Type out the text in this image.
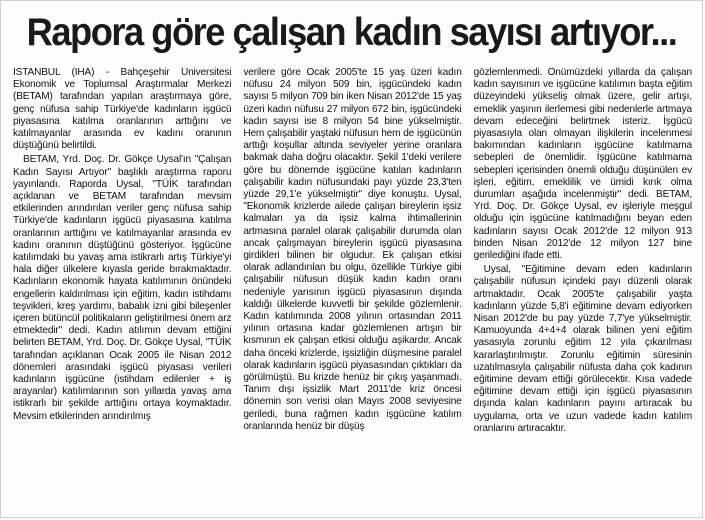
Rapora göre çalışan kadın sayısı artıyor...

İSTANBUL (İHA) - Bahçeşehir Üniversitesi Ekonomik ve Toplumsal Araştırmalar Merkezi (BETAM) tarafından yapılan araştırmaya göre, genç nüfusa sahip Türkiye'de kadınların işgücü piyasasına katılma oranlarının arttığını ve katılmayanlar arasında ev kadını oranının düştüğünü belirtildi.

BETAM, Yrd. Doç. Dr. Gökçe Uysal'ın "Çalışan Kadın Sayısı Artıyor" başlıklı araştırma raporu yayınlandı. Raporda Uysal, "TÜİK tarafından açıklanan ve BETAM tarafından mevsim etkilerinden arındırılan veriler genç nüfusa sahip Türkiye'de kadınların işgücü piyasasına katılma oranlarının arttığını ve katılmayanlar arasında ev kadını oranının düştüğünü gösteriyor. İşgücüne katılımdaki bu yavaş ama istikrarlı artış Türkiye'yi hala diğer ülkelere kıyasla geride bırakmaktadır. Kadınların ekonomik hayata katılımının önündeki engellerin kaldırılması için eğitim, kadın istihdamı teşvikleri, kreş yardımı, babalık izni gibi bileşenler içeren bütüncül politikaların geliştirilmesi önem arz etmektedir" dedi. Kadın atılımın devam ettiğini belirten BETAM, Yrd. Doç. Dr. Gökçe Uysal, "TÜİK tarafından açıklanan Ocak 2005 ile Nisan 2012 dönemleri arasındaki işgücü piyasası verileri kadınların işgücüne (istihdam edilenler + iş arayanlar) katılımlarının son yıllarda yavaş ama istikrarlı bir şekilde arttığını ortaya koymaktadır. Mevsim etkilerinden arındırılmış

verilere göre Ocak 2005'te 15 yaş üzeri kadın nüfusu 24 milyon 509 bin, işgücündeki kadın sayısı 5 milyon 709 bin iken Nisan 2012'de 15 yaş üzeri kadın nüfusu 27 milyon 672 bin, işgücündeki kadın sayısı ise 8 milyon 54 bine yükselmiştir. Hem çalışabilir yaştaki nüfusun hem de işgücünün arttığı koşullar altında seviyeler yerine oranlara bakmak daha doğru olacaktır. Şekil 1'deki verilere göre bu dönemde işgücüne katılan kadınların çalışabilir kadın nüfusundaki payı yüzde 23,3'ten yüzde 29,1'e yükselmiştir" diye konuştu. Uysal, "Ekonomik krizlerde ailede çalışan bireylerin işsiz kalmaları ya da işsiz kalma ihtimallerinin artmasına paralel olarak çalışabilir durumda olan ancak çalışmayan bireylerin işgücü piyasasına girdikleri bilinen bir olgudur. Ek çalışan etkisi olarak adlandırılan bu olgu, özellikle Türkiye gibi çalışabilir nüfusun düşük kadın kadın oranı nedeniyle yarısının işgücü piyasasının dışında kaldığı ülkelerde kuvvetli bir şekilde gözlemlenir. Kadın katılımında 2008 yılının ortasından 2011 yılının ortasına kadar gözlemlenen artışın bir kısmının ek çalışan etkisi olduğu aşikardır. Ancak daha önceki krizlerde, işsizliğin düşmesine paralel olarak kadınların işgücü piyasasından çıktıkları da görülmüştü. Bu krizde henüz bir çıkış yaşanmadı. Tanım dışı işsizlik Mart 2011'de kriz öncesi dönemin son verisi olan Mayıs 2008 seviyesine geriledi, buna rağmen kadın işgücüne katılım oranlarında henüz bir düşüş

gözlemlenmedi. Önümüzdeki yıllarda da çalışan kadın sayısının ve işgücüne katılımın başta eğitim düzeyindeki yükseliş olmak üzere, gelir artışı, emeklik yaşının ilerlemesi gibi nedenlerle artmaya devam edeceğini belirtmek isteriz. İşgücü piyasasıyla olan olmayan ilişkilerin incelenmesi bakımından kadınların işgücüne katılmama sebepleri de önemlidir. İşgücüne katılmama sebepleri içerisinden önemli olduğu düşünülen ev işleri, eğitim, emeklilik ve ümidi kırık olma durumları aşağıda incelenmiştir" dedi. BETAM, Yrd. Doç. Dr. Gökçe Uysal, ev işleriyle meşgul olduğu için işgücüne katılmadığını beyan eden kadınların sayısı Ocak 2012'de 12 milyon 913 binden Nisan 2012'de 12 milyon 127 bine gerilediğini ifade etti.

Uysal, "Eğitimine devam eden kadınların çalışabilir nüfusun içindeki payı düzenli olarak artmaktadır. Ocak 2005'te çalışabilir yaşta kadınların yüzde 5,8'i eğitimine devam ediyorken Nisan 2012'de bu pay yüzde 7,7'ye yükselmiştir. Kamuoyunda 4+4+4 olarak bilinen yeni eğitim yasasıyla zorunlu eğitim 12 yıla çıkarılması kararlaştırılmıştır. Zorunlu eğitimin süresinin uzatılmasıyla çalışabilir nüfusta daha çok kadının eğitimine devam ettiği görülecektir. Kısa vadede eğitimine devam ettiği için işgücü piyasasının dışında kalan kadınların payını artıracak bu uygulama, orta ve uzun vadede kadın katılım oranlarını artıracaktır.
